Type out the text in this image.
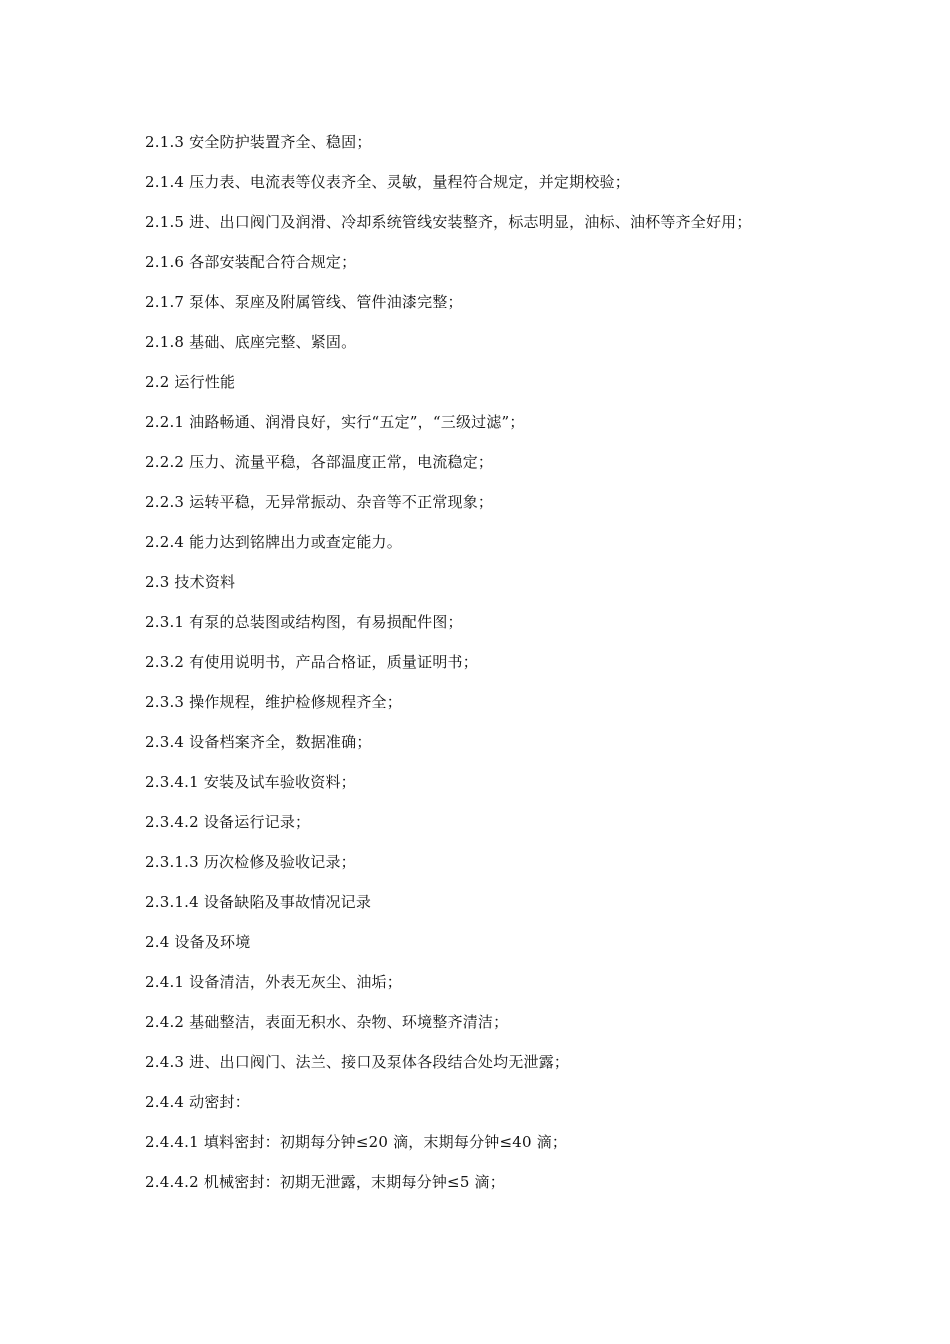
2.1.3 安全防护装置齐全、稳固；
2.1.4 压力表、电流表等仪表齐全、灵敏，量程符合规定，并定期校验；
2.1.5 进、出口阀门及润滑、冷却系统管线安装整齐，标志明显，油标、油杯等齐全好用；
2.1.6 各部安装配合符合规定；
2.1.7 泵体、泵座及附属管线、管件油漆完整；
2.1.8 基础、底座完整、紧固。
2.2 运行性能
2.2.1 油路畅通、润滑良好，实行“五定”，“三级过滤”；
2.2.2 压力、流量平稳，各部温度正常，电流稳定；
2.2.3 运转平稳，无异常振动、杂音等不正常现象；
2.2.4 能力达到铭牌出力或查定能力。
2.3 技术资料
2.3.1 有泵的总装图或结构图，有易损配件图；
2.3.2 有使用说明书，产品合格证，质量证明书；
2.3.3 操作规程，维护检修规程齐全；
2.3.4 设备档案齐全，数据准确；
2.3.4.1 安装及试车验收资料；
2.3.4.2 设备运行记录；
2.3.1.3 历次检修及验收记录；
2.3.1.4 设备缺陷及事故情况记录
2.4 设备及环境
2.4.1 设备清洁，外表无灰尘、油垢；
2.4.2 基础整洁，表面无积水、杂物、环境整齐清洁；
2.4.3 进、出口阀门、法兰、接口及泵体各段结合处均无泄露；
2.4.4 动密封：
2.4.4.1 填料密封：初期每分钟≤20 滴，末期每分钟≤40 滴；
2.4.4.2 机械密封：初期无泄露，末期每分钟≤5 滴；
